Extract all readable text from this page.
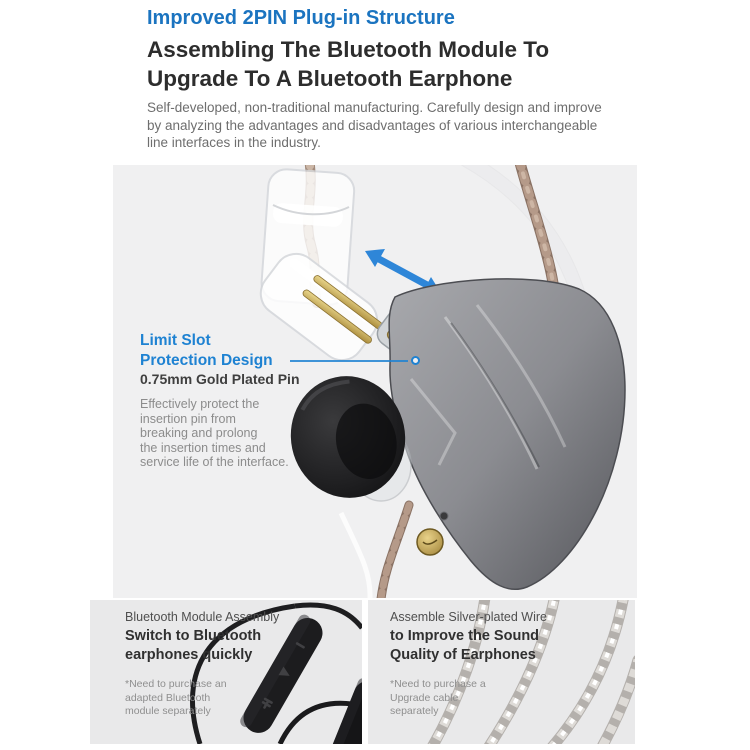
Improved 2PIN Plug-in Structure
Assembling The Bluetooth Module To
Upgrade To A Bluetooth Earphone
Self-developed, non-traditional manufacturing. Carefully design and improve
by analyzing the advantages and disadvantages of various interchangeable
line interfaces in the industry.
Limit Slot
Protection Design
0.75mm Gold Plated Pin
Effectively protect the
insertion pin from
breaking and prolong
the insertion times and
service life of the interface.
Bluetooth Module Assembly
Switch to Bluetooth
earphones quickly
*Need to purchase an
adapted Bluetooth
module separately
Assemble Silver-plated Wire
to Improve the Sound
Quality of Earphones
*Need to purchase a
Upgrade cable
separately
